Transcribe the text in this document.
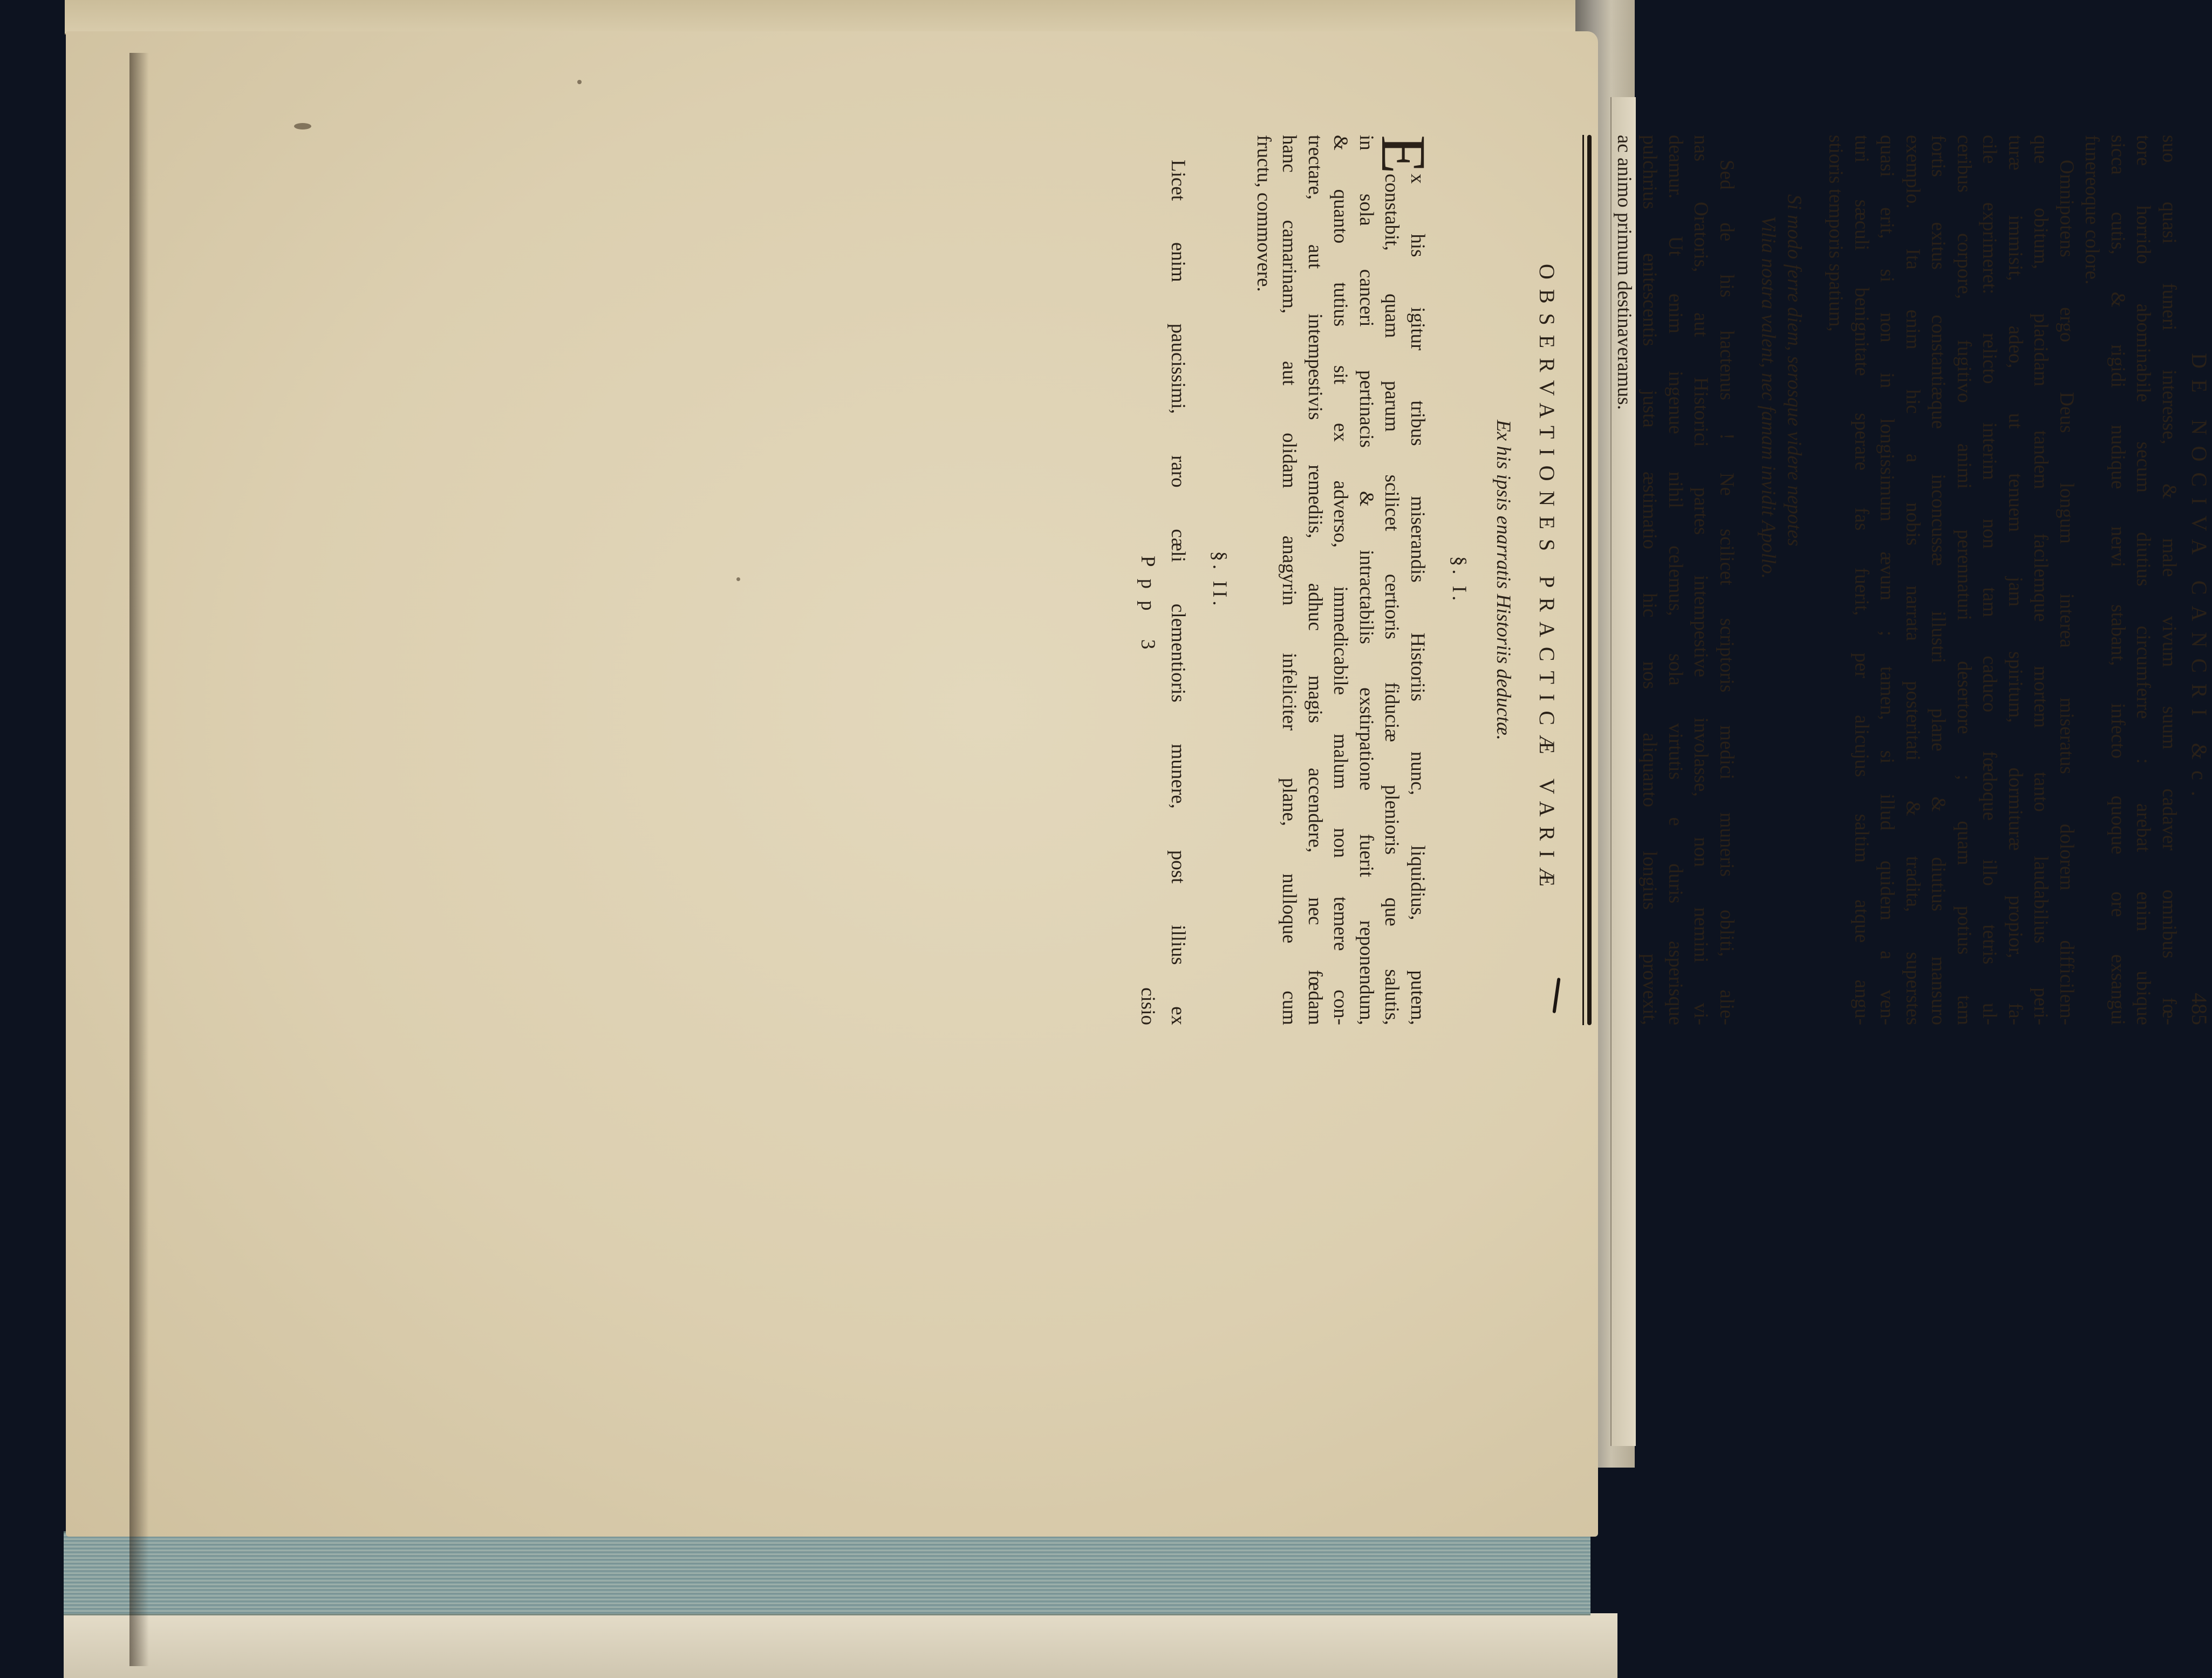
DE NOCIVA CANCRI &c.
485
suo quasi funeri interesse, & male vivum suum cadaver omnibus fœ-
tore horrido abominabile secum diutius circumferre : arebat enim ubique
sicca cutis, & rigidi nudique nervi stabant, infecto quoque ore exsangui
funereoque colore.
Omnipotens ergo Deus longum interea miseratus dolorem difficilem-
que obitum, placidam tandem facilemque mortem tanto laudabilius peri-
turæ immisit, adeo, ut tenuem jam spiritum, dormituræ propior, fa-
cile exprimeret: relicto interim non tam caduco fœdoque illo tetris ul-
ceribus corpore, fugitivo animi perennaturi desertore ; quam potius tam
fortis exitus constantiæque inconcussæ illustri plane & diutius mansuro
exemplo. Ita enim hic a nobis narrata posteritati & tradita, superstes
quasi erit, si non in longissimum ævum ; tamen, si illud quidem a ven-
turi sæculi benignitate sperare fas fuerit, per alicujus saltim atque angu-
stioris temporis spatium,
Si modo ferre diem, serosque videre nepotes
Vilia nostra valent, nec famam invidit Apollo.
Sed de his hactenus ! Ne scilicet scriptoris medici muneris obliti, alie-
nas Oratoris, aut Historici partes intempestive involasse, non nemini vi-
deamur. Ut enim ingenue nihil celemus, sola virtutis e duris asperisque
pulchrius enitescentis justa æstimatio hic nos aliquanto longius provexit,
ac animo primum destinaveramus.
OBSERVATIONES PRACTICÆ VARIÆ
Ex his ipsis enarratis Historiis deductæ.
§. I.
E
x his igitur tribus miserandis Historiis nunc, liquidius, putem,
constabit, quam parum scilicet certioris fiduciæ plenioris que salutis,
in sola canceri pertinacis & intractabilis exstirpatione fuerit reponendum,
& quanto tutius sit ex adverso, immedicabile malum non temere con-
trectare, aut intempestivis remediis, adhuc magis accendere, nec fœdam
hanc camarinam, aut olidam anagyrin infeliciter plane, nulloque cum
fructu, commovere.
§. II.
Licet enim paucissimi, raro cæli clementioris munere, post illius ex
Ppp 3
cisio
